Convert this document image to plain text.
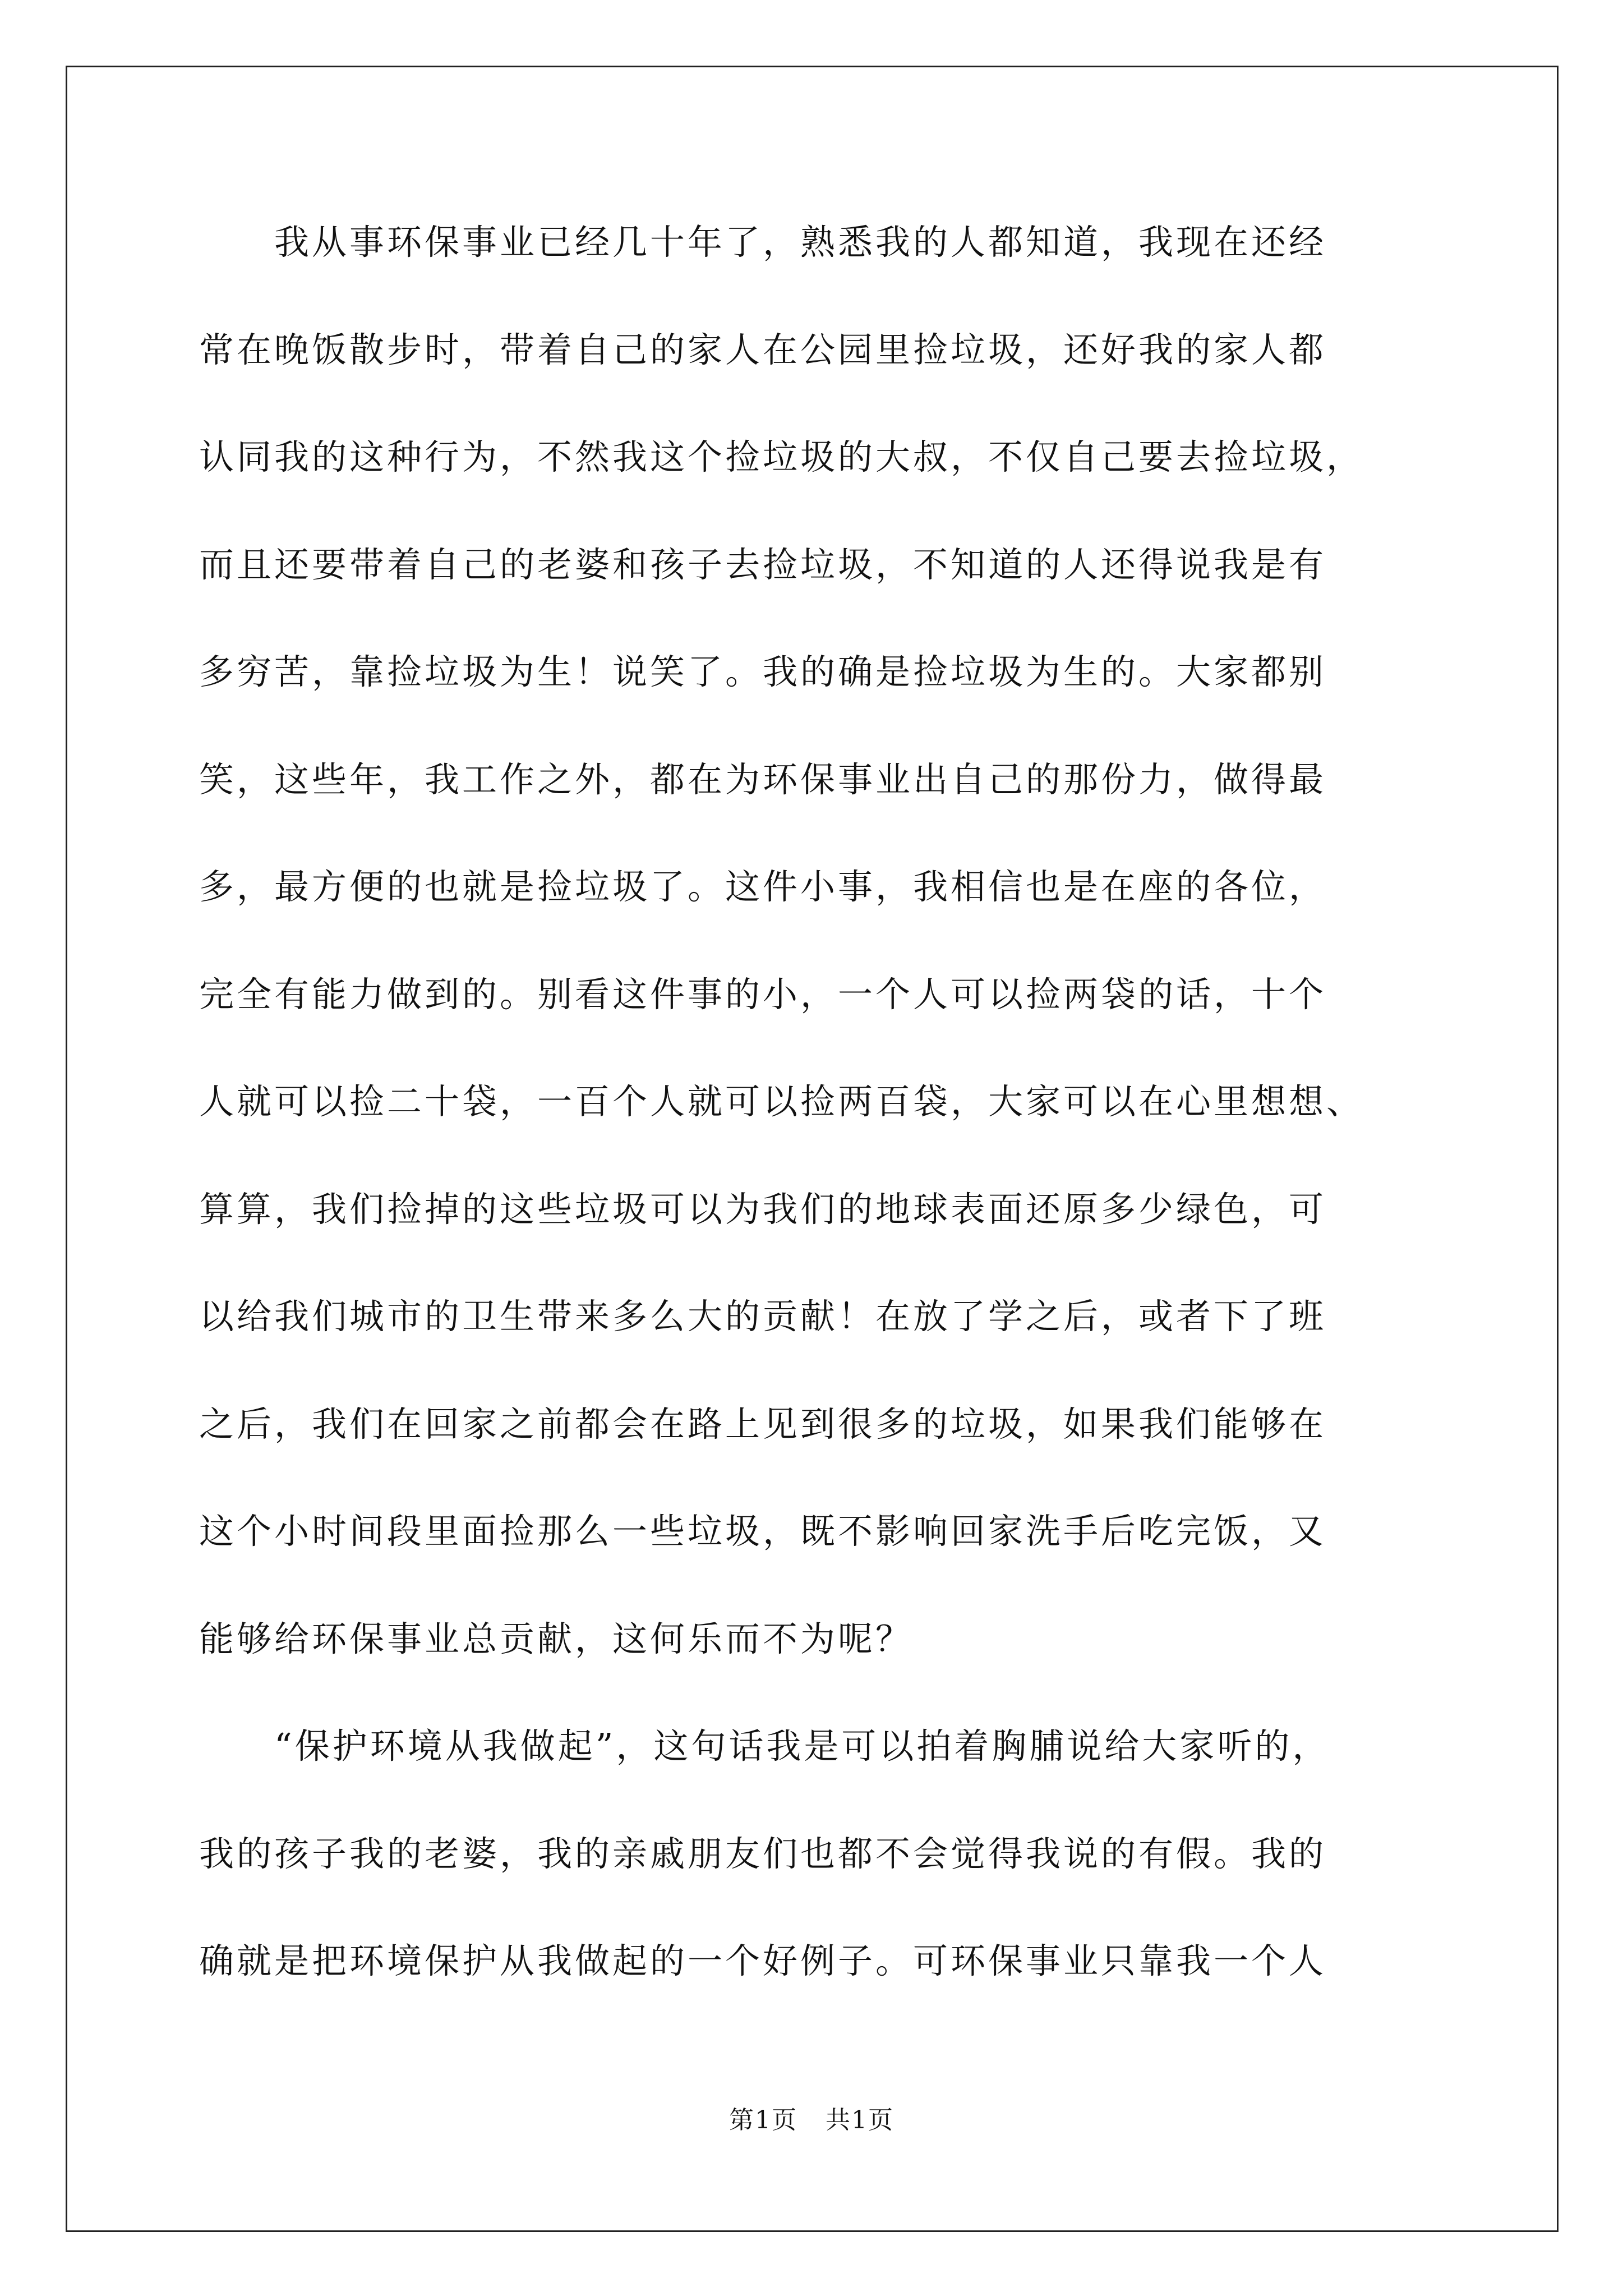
　　我从事环保事业已经几十年了，熟悉我的人都知道，我现在还经
常在晚饭散步时，带着自己的家人在公园里捡垃圾，还好我的家人都
认同我的这种行为，不然我这个捡垃圾的大叔，不仅自己要去捡垃圾，
而且还要带着自己的老婆和孩子去捡垃圾，不知道的人还得说我是有
多穷苦，靠捡垃圾为生！说笑了。我的确是捡垃圾为生的。大家都别
笑，这些年，我工作之外，都在为环保事业出自己的那份力，做得最
多，最方便的也就是捡垃圾了。这件小事，我相信也是在座的各位，
完全有能力做到的。别看这件事的小，一个人可以捡两袋的话，十个
人就可以捡二十袋，一百个人就可以捡两百袋，大家可以在心里想想、
算算，我们捡掉的这些垃圾可以为我们的地球表面还原多少绿色，可
以给我们城市的卫生带来多么大的贡献！在放了学之后，或者下了班
之后，我们在回家之前都会在路上见到很多的垃圾，如果我们能够在
这个小时间段里面捡那么一些垃圾，既不影响回家洗手后吃完饭，又
能够给环保事业总贡献，这何乐而不为呢？
　　“保护环境从我做起”，这句话我是可以拍着胸脯说给大家听的，
我的孩子我的老婆，我的亲戚朋友们也都不会觉得我说的有假。我的
确就是把环境保护从我做起的一个好例子。可环保事业只靠我一个人
第1页 共1页
